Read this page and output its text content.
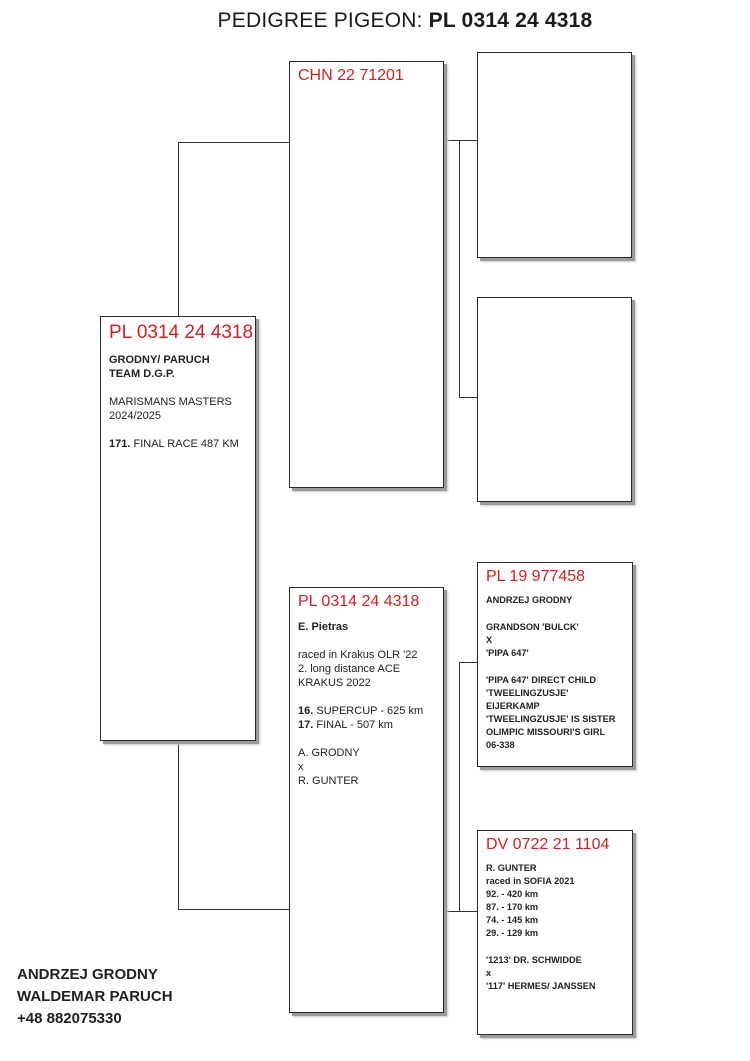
PEDIGREE PIGEON: PL 0314 24 4318
PL 0314 24 4318
GRODNY/ PARUCH
TEAM D.G.P.
MARISMANS MASTERS
2024/2025
171. FINAL RACE 487 KM
CHN 22 71201
PL 0314 24 4318
E. Pietras
raced in Krakus OLR '22
2. long distance ACE
KRAKUS 2022
16. SUPERCUP - 625 km
17. FINAL - 507 km
A. GRODNY
x
R. GUNTER
PL 19 977458
ANDRZEJ GRODNY
GRANDSON 'BULCK'
X
'PIPA 647'
'PIPA 647' DIRECT CHILD
'TWEELINGZUSJE' EIJERKAMP
'TWEELINGZUSJE' IS SISTER
OLIMPIC MISSOURI'S GIRL
06-338
DV 0722 21 1104
R. GUNTER
raced in SOFIA 2021
92. - 420 km
87. - 170 km
74. - 145 km
29. - 129 km
'1213' DR. SCHWIDDE
x
'117' HERMES/ JANSSEN
ANDRZEJ GRODNY
WALDEMAR PARUCH
+48 882075330
